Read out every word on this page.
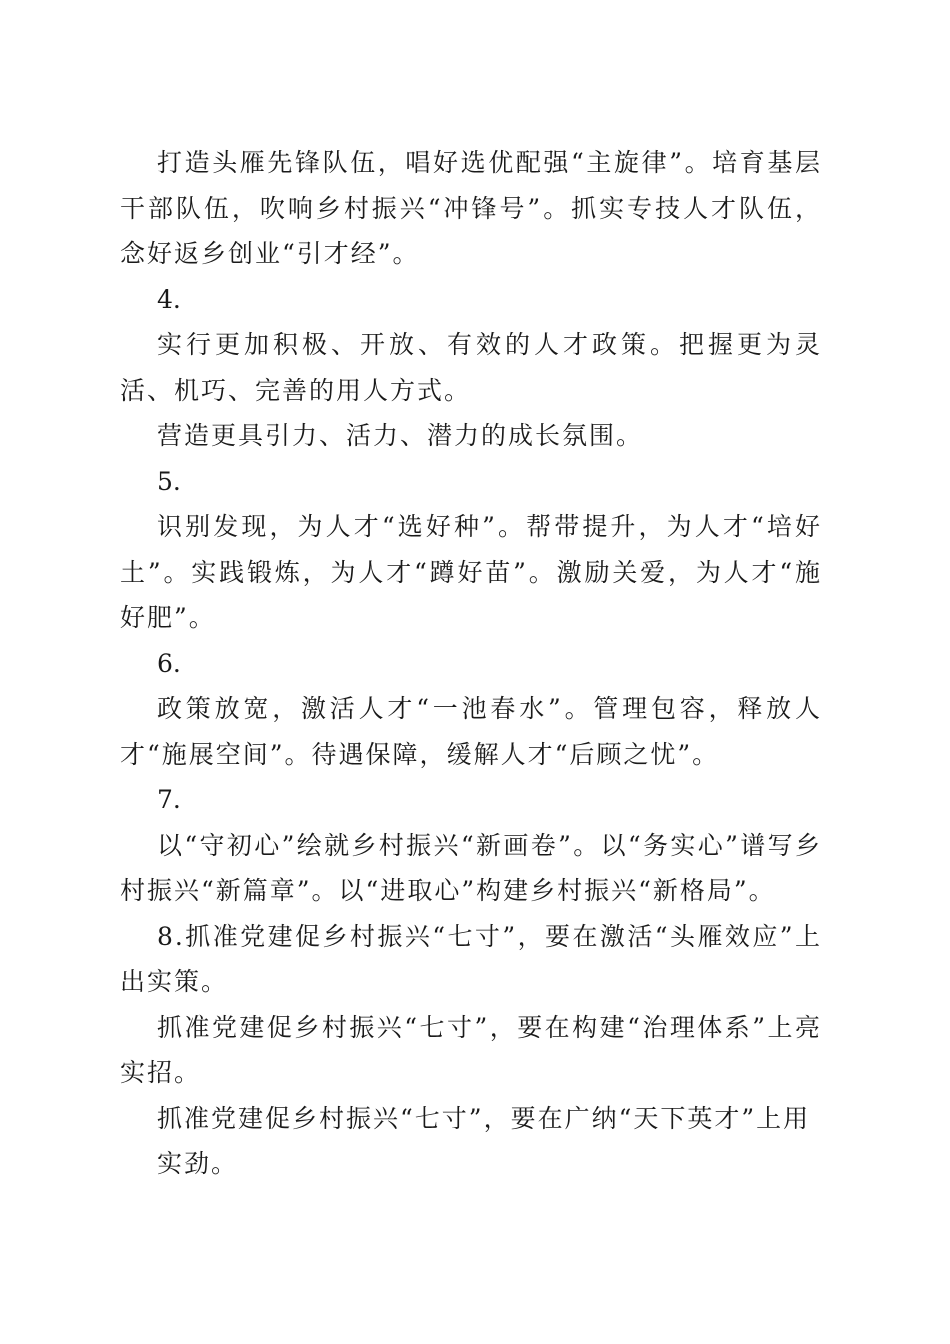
打造头雁先锋队伍，唱好选优配强“主旋律”。培育基层干部队伍，吹响乡村振兴“冲锋号”。抓实专技人才队伍，念好返乡创业“引才经”。

4.

实行更加积极、开放、有效的人才政策。把握更为灵活、机巧、完善的用人方式。

营造更具引力、活力、潜力的成长氛围。

5.

识别发现，为人才“选好种”。帮带提升，为人才“培好土”。实践锻炼，为人才“蹲好苗”。激励关爱，为人才“施好肥”。

6.

政策放宽，激活人才“一池春水”。管理包容，释放人才“施展空间”。待遇保障，缓解人才“后顾之忧”。

7.

以“守初心”绘就乡村振兴“新画卷”。以“务实心”谱写乡村振兴“新篇章”。以“进取心”构建乡村振兴“新格局”。

8.抓准党建促乡村振兴“七寸”，要在激活“头雁效应”上出实策。

抓准党建促乡村振兴“七寸”，要在构建“治理体系”上亮实招。

抓准党建促乡村振兴“七寸”，要在广纳“天下英才”上用

实劲。
